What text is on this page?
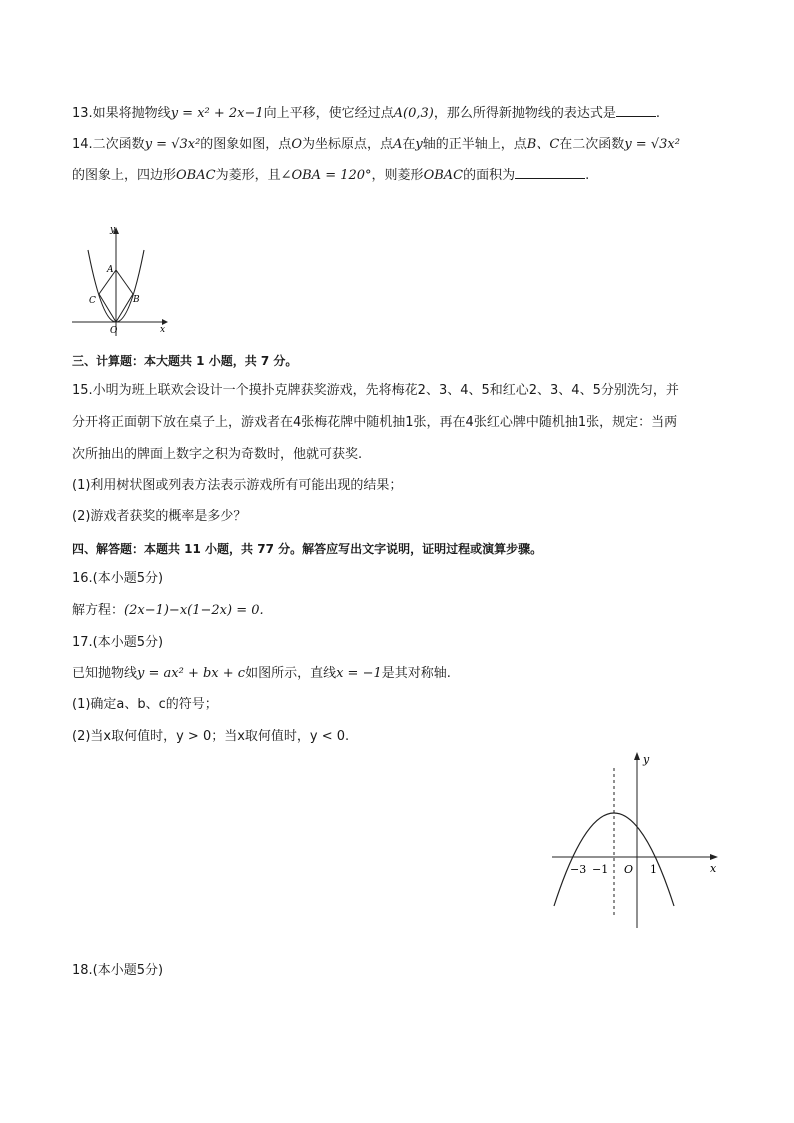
13.如果将抛物线y = x² + 2x−1向上平移，使它经过点A(0,3)，那么所得新抛物线的表达式是	.
14.二次函数y = √3x²的图象如图，点O为坐标原点，点A在y轴的正半轴上，点B、C在二次函数y = √3x²
的图象上，四边形OBAC为菱形，且∠OBA = 120°，则菱形OBAC的面积为	.
y
x
A
B
C
O
三、计算题：本大题共 1 小题，共 7 分。
15.小明为班上联欢会设计一个摸扑克牌获奖游戏，先将梅花2、3、4、5和红心2、3、4、5分别洗匀，并
分开将正面朝下放在桌子上，游戏者在4张梅花牌中随机抽1张，再在4张红心牌中随机抽1张，规定：当两
次所抽出的牌面上数字之积为奇数时，他就可获奖.
(1)利用树状图或列表方法表示游戏所有可能出现的结果；
(2)游戏者获奖的概率是多少？
四、解答题：本题共 11 小题，共 77 分。解答应写出文字说明，证明过程或演算步骤。
16.(本小题5分)
解方程：(2x−1)−x(1−2x) = 0.
17.(本小题5分)
已知抛物线y = ax² + bx + c如图所示，直线x = −1是其对称轴.
(1)确定a、b、c的符号；
(2)当x取何值时，y > 0；当x取何值时，y < 0.
y
x
−3 −1 O 1
18.(本小题5分)
